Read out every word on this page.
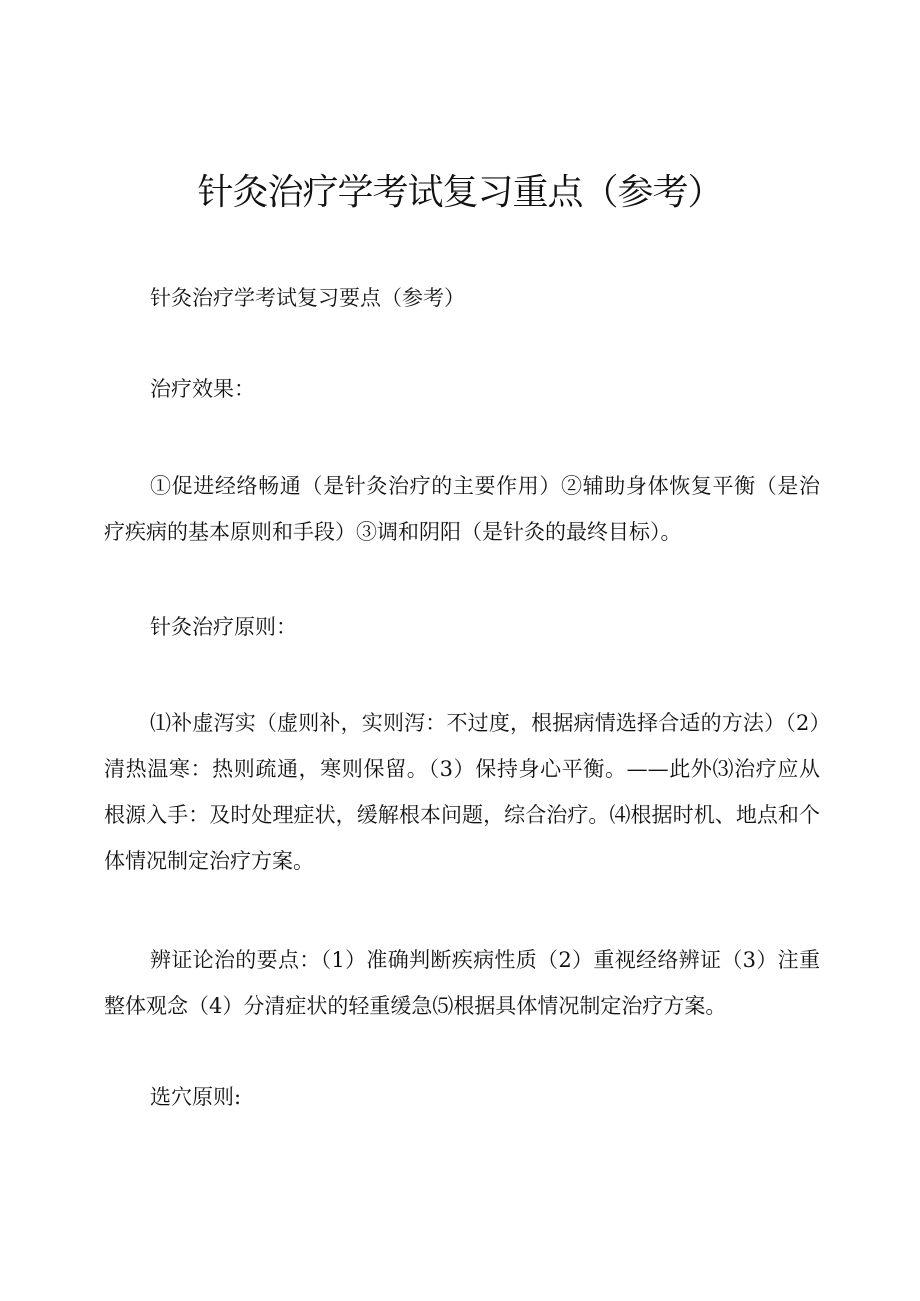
针灸治疗学考试复习重点（参考）

针灸治疗学考试复习要点（参考）

治疗效果：

①促进经络畅通（是针灸治疗的主要作用）②辅助身体恢复平衡（是治疗疾病的基本原则和手段）③调和阴阳（是针灸的最终目标）。

针灸治疗原则：

⑴补虚泻实（虚则补，实则泻：不过度，根据病情选择合适的方法）（2）清热温寒：热则疏通，寒则保留。（3）保持身心平衡。——此外⑶治疗应从根源入手：及时处理症状，缓解根本问题，综合治疗。⑷根据时机、地点和个体情况制定治疗方案。

辨证论治的要点：（1）准确判断疾病性质（2）重视经络辨证（3）注重整体观念（4）分清症状的轻重缓急⑸根据具体情况制定治疗方案。

选穴原则:
